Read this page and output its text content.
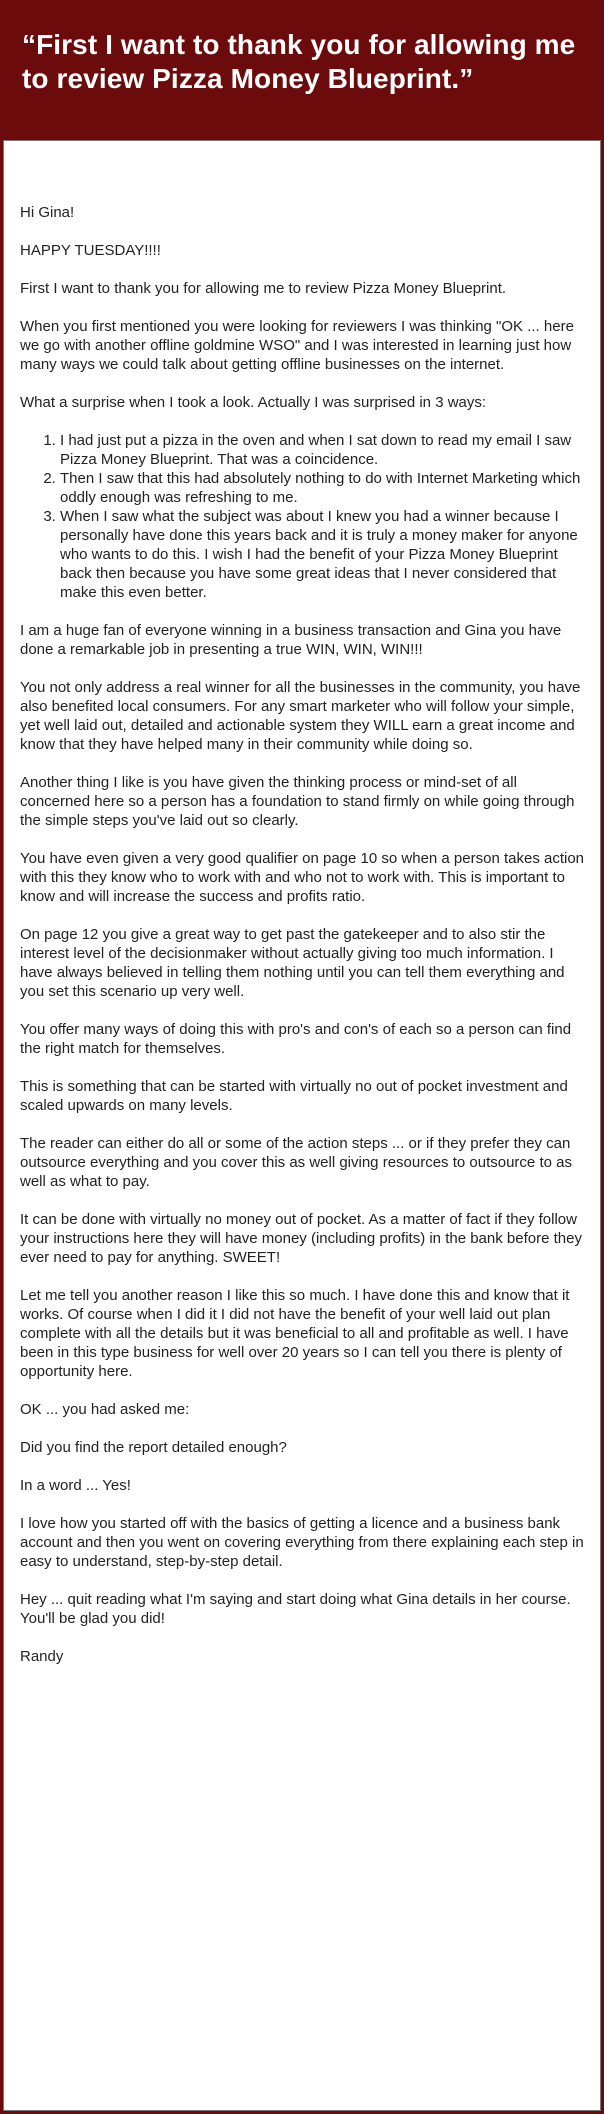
“First I want to thank you for allowing me to review Pizza Money Blueprint.”

Hi Gina!

HAPPY TUESDAY!!!!

First I want to thank you for allowing me to review Pizza Money Blueprint.

When you first mentioned you were looking for reviewers I was thinking "OK ... here we go with another offline goldmine WSO" and I was interested in learning just how many ways we could talk about getting offline businesses on the internet.

What a surprise when I took a look. Actually I was surprised in 3 ways:

1. I had just put a pizza in the oven and when I sat down to read my email I saw Pizza Money Blueprint. That was a coincidence.
2. Then I saw that this had absolutely nothing to do with Internet Marketing which oddly enough was refreshing to me.
3. When I saw what the subject was about I knew you had a winner because I personally have done this years back and it is truly a money maker for anyone who wants to do this. I wish I had the benefit of your Pizza Money Blueprint back then because you have some great ideas that I never considered that make this even better.

I am a huge fan of everyone winning in a business transaction and Gina you have done a remarkable job in presenting a true WIN, WIN, WIN!!!

You not only address a real winner for all the businesses in the community, you have also benefited local consumers. For any smart marketer who will follow your simple, yet well laid out, detailed and actionable system they WILL earn a great income and know that they have helped many in their community while doing so.

Another thing I like is you have given the thinking process or mind-set of all concerned here so a person has a foundation to stand firmly on while going through the simple steps you've laid out so clearly.

You have even given a very good qualifier on page 10 so when a person takes action with this they know who to work with and who not to work with. This is important to know and will increase the success and profits ratio.

On page 12 you give a great way to get past the gatekeeper and to also stir the interest level of the decisionmaker without actually giving too much information. I have always believed in telling them nothing until you can tell them everything and you set this scenario up very well.

You offer many ways of doing this with pro's and con's of each so a person can find the right match for themselves.

This is something that can be started with virtually no out of pocket investment and scaled upwards on many levels.

The reader can either do all or some of the action steps ... or if they prefer they can outsource everything and you cover this as well giving resources to outsource to as well as what to pay.

It can be done with virtually no money out of pocket. As a matter of fact if they follow your instructions here they will have money (including profits) in the bank before they ever need to pay for anything. SWEET!

Let me tell you another reason I like this so much. I have done this and know that it works. Of course when I did it I did not have the benefit of your well laid out plan complete with all the details but it was beneficial to all and profitable as well. I have been in this type business for well over 20 years so I can tell you there is plenty of opportunity here.

OK ... you had asked me:

Did you find the report detailed enough?

In a word ... Yes!

I love how you started off with the basics of getting a licence and a business bank account and then you went on covering everything from there explaining each step in easy to understand, step-by-step detail.

Hey ... quit reading what I'm saying and start doing what Gina details in her course. You'll be glad you did!

Randy
